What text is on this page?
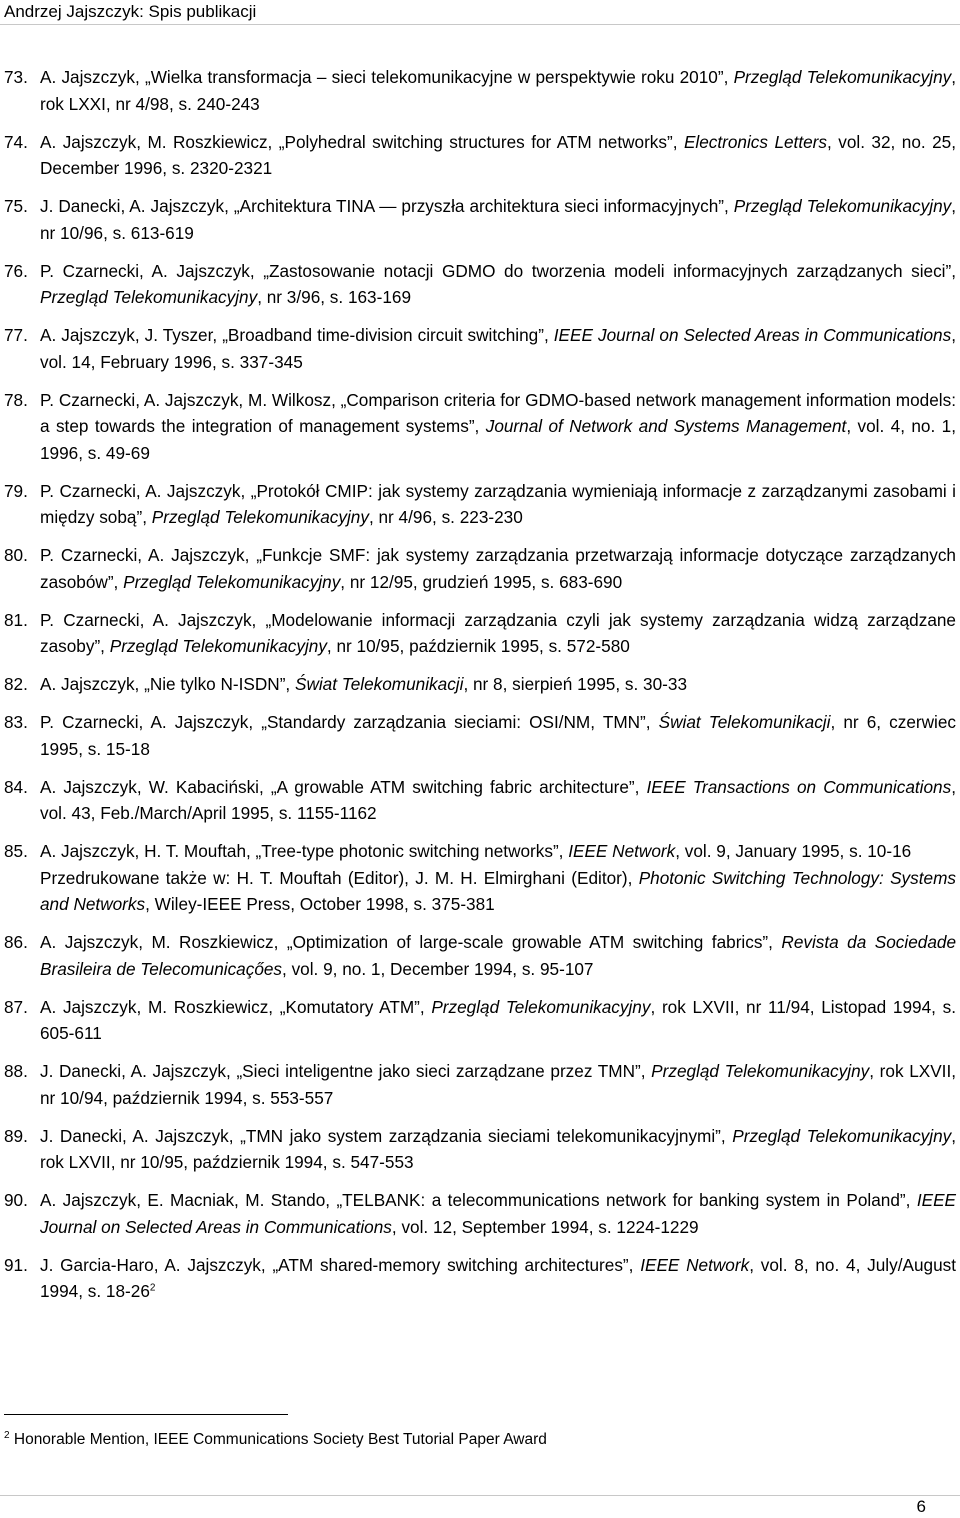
Andrzej Jajszczyk: Spis publikacji
73. A. Jajszczyk, „Wielka transformacja – sieci telekomunikacyjne w perspektywie roku 2010”, Przegląd Telekomunikacyjny, rok LXXI, nr 4/98, s. 240-243
74. A. Jajszczyk, M. Roszkiewicz, „Polyhedral switching structures for ATM networks”, Electronics Letters, vol. 32, no. 25, December 1996, s. 2320-2321
75. J. Danecki, A. Jajszczyk, „Architektura TINA — przyszła architektura sieci informacyjnych”, Przegląd Telekomunikacyjny, nr 10/96, s. 613-619
76. P. Czarnecki, A. Jajszczyk, „Zastosowanie notacji GDMO do tworzenia modeli informacyjnych zarządzanych sieci”, Przegląd Telekomunikacyjny, nr 3/96, s. 163-169
77. A. Jajszczyk, J. Tyszer, „Broadband time-division circuit switching”, IEEE Journal on Selected Areas in Communications, vol. 14, February 1996, s. 337-345
78. P. Czarnecki, A. Jajszczyk, M. Wilkosz, „Comparison criteria for GDMO-based network management information models: a step towards the integration of management systems”, Journal of Network and Systems Management, vol. 4, no. 1, 1996, s. 49-69
79. P. Czarnecki, A. Jajszczyk, „Protokół CMIP: jak systemy zarządzania wymieniają informacje z zarządzanymi zasobami i między sobą”, Przegląd Telekomunikacyjny, nr 4/96, s. 223-230
80. P. Czarnecki, A. Jajszczyk, „Funkcje SMF: jak systemy zarządzania przetwarzają informacje dotyczące zarządzanych zasobów”, Przegląd Telekomunikacyjny, nr 12/95, grudzień 1995, s. 683-690
81. P. Czarnecki, A. Jajszczyk, „Modelowanie informacji zarządzania czyli jak systemy zarządzania widzą zarządzane zasoby”, Przegląd Telekomunikacyjny, nr 10/95, październik 1995, s. 572-580
82. A. Jajszczyk, „Nie tylko N-ISDN”, Świat Telekomunikacji, nr 8, sierpień 1995, s. 30-33
83. P. Czarnecki, A. Jajszczyk, „Standardy zarządzania sieciami: OSI/NM, TMN”, Świat Telekomunikacji, nr 6, czerwiec 1995, s. 15-18
84. A. Jajszczyk, W. Kabaciński, „A growable ATM switching fabric architecture”, IEEE Transactions on Communications, vol. 43, Feb./March/April 1995, s. 1155-1162
85. A. Jajszczyk, H. T. Mouftah, „Tree-type photonic switching networks”, IEEE Network, vol. 9, January 1995, s. 10-16
Przedrukowane także w: H. T. Mouftah (Editor), J. M. H. Elmirghani (Editor), Photonic Switching Technology: Systems and Networks, Wiley-IEEE Press, October 1998, s. 375-381
86. A. Jajszczyk, M. Roszkiewicz, „Optimization of large-scale growable ATM switching fabrics”, Revista da Sociedade Brasileira de Telecomunicaçőes, vol. 9, no. 1, December 1994, s. 95-107
87. A. Jajszczyk, M. Roszkiewicz, „Komutatory ATM”, Przegląd Telekomunikacyjny, rok LXVII, nr 11/94, Listopad 1994, s. 605-611
88. J. Danecki, A. Jajszczyk, „Sieci inteligentne jako sieci zarządzane przez TMN”, Przegląd Telekomunikacyjny, rok LXVII, nr 10/94, październik 1994, s. 553-557
89. J. Danecki, A. Jajszczyk, „TMN jako system zarządzania sieciami telekomunikacyjnymi”, Przegląd Telekomunikacyjny, rok LXVII, nr 10/95, październik 1994, s. 547-553
90. A. Jajszczyk, E. Macniak, M. Stando, „TELBANK: a telecommunications network for banking system in Poland”, IEEE Journal on Selected Areas in Communications, vol. 12, September 1994, s. 1224-1229
91. J. Garcia-Haro, A. Jajszczyk, „ATM shared-memory switching architectures”, IEEE Network, vol. 8, no. 4, July/August 1994, s. $18-26^2$
$^2$ Honorable Mention, IEEE Communications Society Best Tutorial Paper Award
6
